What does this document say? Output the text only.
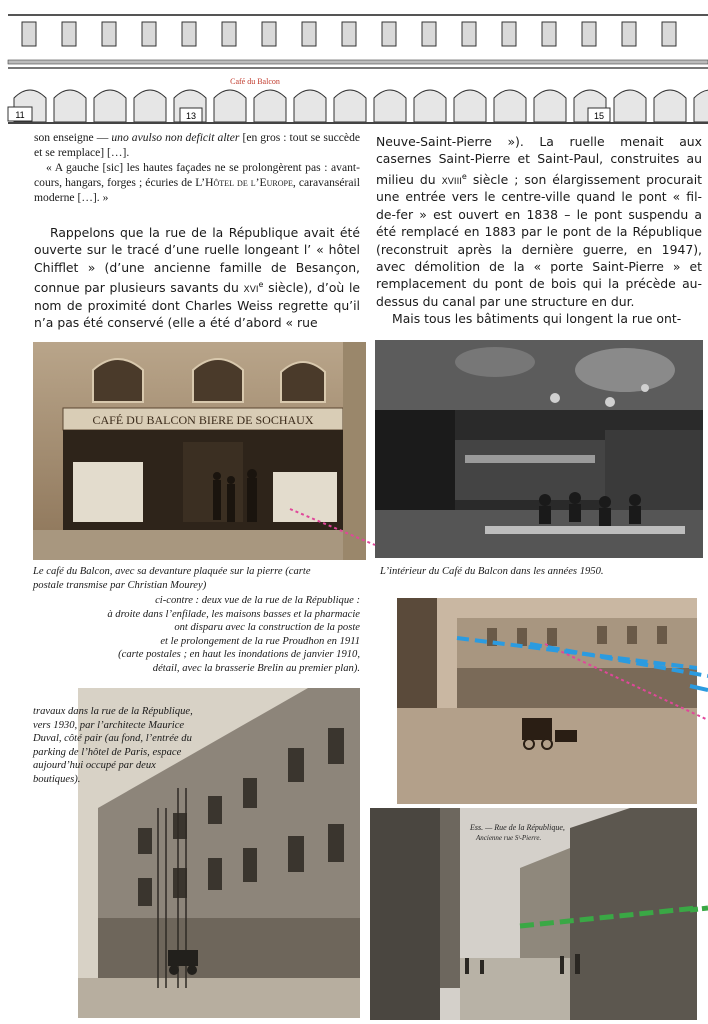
Café du Balcon
11	13	15
son enseigne — uno avulso non deficit alter [en gros : tout se succède et se remplace] […].
« A gauche [sic] les hautes façades ne se prolongèrent pas : avant-cours, hangars, forges ; écuries de L’Hôtel de l’Europe, caravansérail moderne […]. »

Rappelons que la rue de la République avait été ouverte sur le tracé d’une ruelle longeant l’ « hôtel Chifflet » (d’une ancienne famille de Besançon, connue par plusieurs savants du xvi$^e$ siècle), d’où le nom de proximité dont Charles Weiss regrette qu’il n’a pas été conservé (elle a été d’abord « rue

Neuve-Saint-Pierre »). La ruelle menait aux casernes Saint-Pierre et Saint-Paul, construites au milieu du xviii$^e$ siècle ; son élargissement procurait une entrée vers le centre-ville quand le pont « fil-de-fer » est ouvert en 1838 – le pont suspendu a été remplacé en 1883 par le pont de la République (reconstruit après la dernière guerre, en 1947), avec démolition de la « porte Saint-Pierre » et remplacement du pont de bois qui la précède au-dessus du canal par une structure en dur.

Mais tous les bâtiments qui longent la rue ont-

CAFÉ DU BALCON BIERE DE SOCHAUX
Le café du Balcon, avec sa devanture plaquée sur la pierre (carte postale transmise par Christian Mourey)
L’intérieur du Café du Balcon dans les années 1950.
ci-contre : deux vue de la rue de la République :
à droite dans l’enfilade, les maisons basses et la pharmacie
ont disparu avec la construction de la poste
et le prolongement de la rue Proudhon en 1911
(carte postales ; en haut les inondations de janvier 1910,
détail, avec la brasserie Brelin au premier plan).
travaux dans la rue de la République, vers 1930, par l’architecte Maurice Duval, côté pair (au fond, l’entrée du parking de l’hôtel de Paris, espace aujourd’hui occupé par deux boutiques).
Ess. — Rue de la République,
Ancienne rue Sᵗ-Pierre.
